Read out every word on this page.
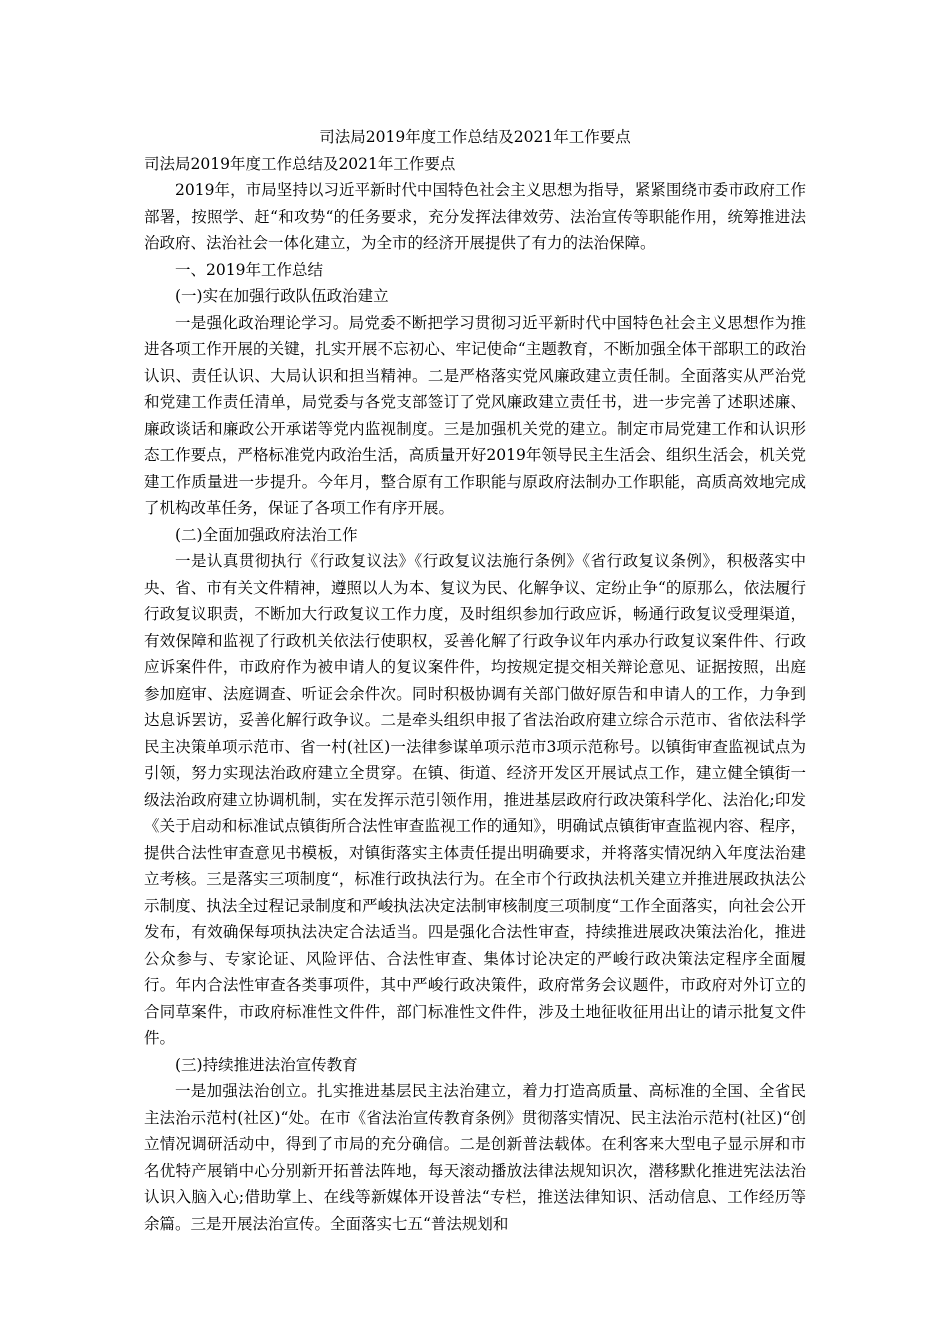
司法局2019年度工作总结及2021年工作要点

司法局2019年度工作总结及2021年工作要点

2019年，市局坚持以习近平新时代中国特色社会主义思想为指导，紧紧围绕市委市政府工作部署，按照学、赶“和攻势“的任务要求，充分发挥法律效劳、法治宣传等职能作用，统筹推进法治政府、法治社会一体化建立，为全市的经济开展提供了有力的法治保障。

一、2019年工作总结

(一)实在加强行政队伍政治建立

一是强化政治理论学习。局党委不断把学习贯彻习近平新时代中国特色社会主义思想作为推进各项工作开展的关键，扎实开展不忘初心、牢记使命“主题教育，不断加强全体干部职工的政治认识、责任认识、大局认识和担当精神。二是严格落实党风廉政建立责任制。全面落实从严治党和党建工作责任清单，局党委与各党支部签订了党风廉政建立责任书，进一步完善了述职述廉、廉政谈话和廉政公开承诺等党内监视制度。三是加强机关党的建立。制定市局党建工作和认识形态工作要点，严格标准党内政治生活，高质量开好2019年领导民主生活会、组织生活会，机关党建工作质量进一步提升。今年月，整合原有工作职能与原政府法制办工作职能，高质高效地完成了机构改革任务，保证了各项工作有序开展。

(二)全面加强政府法治工作

一是认真贯彻执行《行政复议法》《行政复议法施行条例》《省行政复议条例》，积极落实中央、省、市有关文件精神，遵照以人为本、复议为民、化解争议、定纷止争“的原那么，依法履行行政复议职责，不断加大行政复议工作力度，及时组织参加行政应诉，畅通行政复议受理渠道，有效保障和监视了行政机关依法行使职权，妥善化解了行政争议年内承办行政复议案件件、行政应诉案件件，市政府作为被申请人的复议案件件，均按规定提交相关辩论意见、证据按照，出庭参加庭审、法庭调查、听证会余件次。同时积极协调有关部门做好原告和申请人的工作，力争到达息诉罢访，妥善化解行政争议。二是牵头组织申报了省法治政府建立综合示范市、省依法科学民主决策单项示范市、省一村(社区)一法律参谋单项示范市3项示范称号。以镇街审查监视试点为引领，努力实现法治政府建立全贯穿。在镇、街道、经济开发区开展试点工作，建立健全镇街一级法治政府建立协调机制，实在发挥示范引领作用，推进基层政府行政决策科学化、法治化;印发《关于启动和标准试点镇街所合法性审查监视工作的通知》，明确试点镇街审查监视内容、程序，提供合法性审查意见书模板，对镇街落实主体责任提出明确要求，并将落实情况纳入年度法治建立考核。三是落实三项制度“，标准行政执法行为。在全市个行政执法机关建立并推进展政执法公示制度、执法全过程记录制度和严峻执法决定法制审核制度三项制度“工作全面落实，向社会公开发布，有效确保每项执法决定合法适当。四是强化合法性审查，持续推进展政决策法治化，推进公众参与、专家论证、风险评估、合法性审查、集体讨论决定的严峻行政决策法定程序全面履行。年内合法性审查各类事项件，其中严峻行政决策件，政府常务会议题件，市政府对外订立的合同草案件，市政府标准性文件件，部门标准性文件件，涉及土地征收征用出让的请示批复文件件。

(三)持续推进法治宣传教育

一是加强法治创立。扎实推进基层民主法治建立，着力打造高质量、高标准的全国、全省民主法治示范村(社区)“处。在市《省法治宣传教育条例》贯彻落实情况、民主法治示范村(社区)“创立情况调研活动中，得到了市局的充分确信。二是创新普法载体。在利客来大型电子显示屏和市名优特产展销中心分别新开拓普法阵地，每天滚动播放法律法规知识次，潜移默化推进宪法法治认识入脑入心;借助掌上、在线等新媒体开设普法“专栏，推送法律知识、活动信息、工作经历等余篇。三是开展法治宣传。全面落实七五“普法规划和
